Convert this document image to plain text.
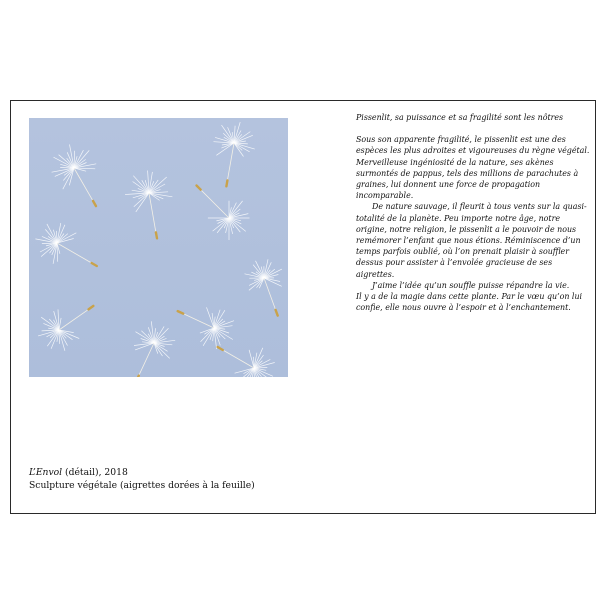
L’Envol (détail), 2018
Sculpture végétale (aigrettes dorées à la feuille)

Pissenlit, sa puissance et sa fragilité sont les nôtres

Sous son apparente fragilité, le pissenlit est une des espèces les plus adroites et vigoureuses du règne végétal. Merveilleuse ingéniosité de la nature, ses akènes surmontés de pappus, tels des millions de parachutes à graines, lui donnent une force de propagation incomparable.

De nature sauvage, il fleurit à tous vents sur la quasi-totalité de la planète. Peu importe notre âge, notre origine, notre religion, le pissenlit a le pouvoir de nous remémorer l’enfant que nous étions. Réminiscence d’un temps parfois oublié, où l’on prenait plaisir à souffler dessus pour assister à l’envolée gracieuse de ses aigrettes.

J’aime l’idée qu’un souffle puisse répandre la vie.

Il y a de la magie dans cette plante. Par le vœu qu’on lui confie, elle nous ouvre à l’espoir et à l’enchantement.
